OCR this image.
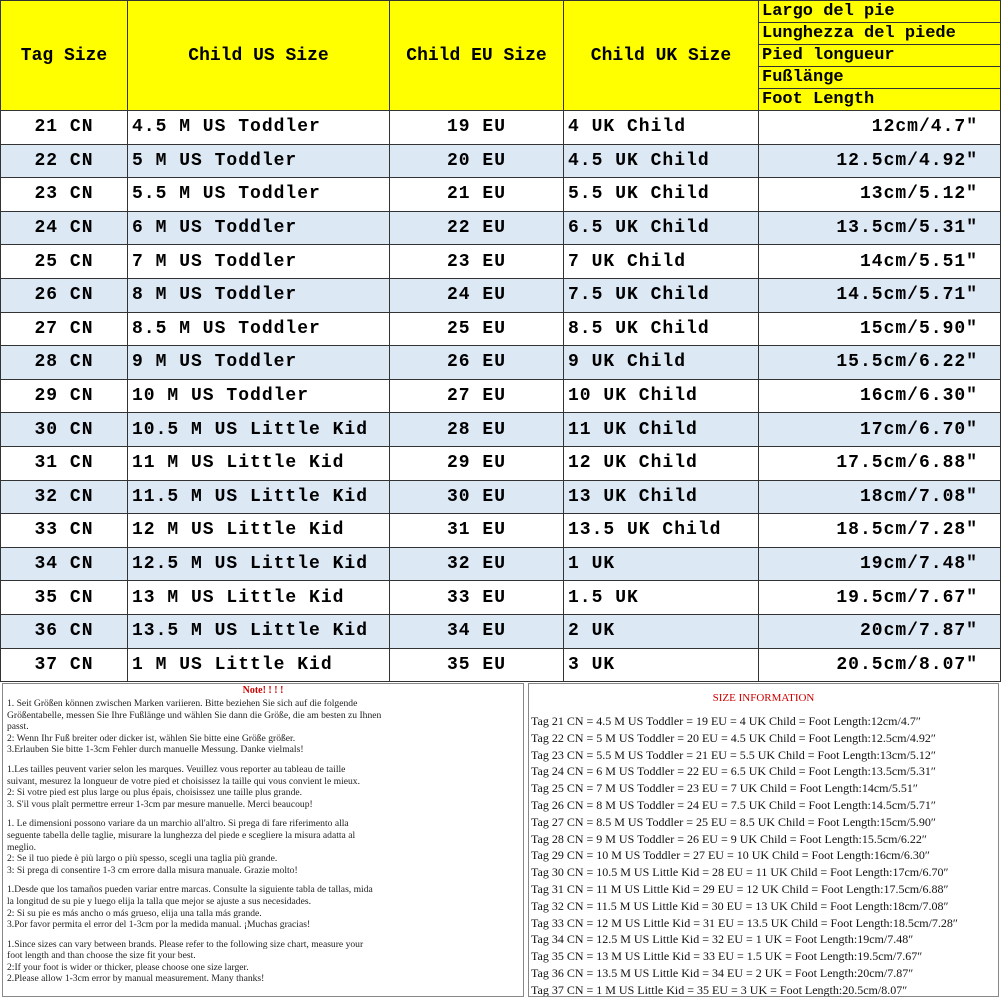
Tag Size	Child US Size	Child EU Size	Child UK Size	Largo del pie
Lunghezza del piede
Pied longueur
Fußlänge
Foot Length

21 CN	4.5 M US Toddler	19 EU	4 UK Child	12cm/4.7″
22 CN	5 M US Toddler	20 EU	4.5 UK Child	12.5cm/4.92″
23 CN	5.5 M US Toddler	21 EU	5.5 UK Child	13cm/5.12″
24 CN	6 M US Toddler	22 EU	6.5 UK Child	13.5cm/5.31″
25 CN	7 M US Toddler	23 EU	7 UK Child	14cm/5.51″
26 CN	8 M US Toddler	24 EU	7.5 UK Child	14.5cm/5.71″
27 CN	8.5 M US Toddler	25 EU	8.5 UK Child	15cm/5.90″
28 CN	9 M US Toddler	26 EU	9 UK Child	15.5cm/6.22″
29 CN	10 M US Toddler	27 EU	10 UK Child	16cm/6.30″
30 CN	10.5 M US Little Kid	28 EU	11 UK Child	17cm/6.70″
31 CN	11 M US Little Kid	29 EU	12 UK Child	17.5cm/6.88″
32 CN	11.5 M US Little Kid	30 EU	13 UK Child	18cm/7.08″
33 CN	12 M US Little Kid	31 EU	13.5 UK Child	18.5cm/7.28″
34 CN	12.5 M US Little Kid	32 EU	1 UK	19cm/7.48″
35 CN	13 M US Little Kid	33 EU	1.5 UK	19.5cm/7.67″
36 CN	13.5 M US Little Kid	34 EU	2 UK	20cm/7.87″
37 CN	1 M US Little Kid	35 EU	3 UK	20.5cm/8.07″
Note! ! ! !

1. Seit Größen können zwischen Marken variieren. Bitte beziehen Sie sich auf die folgende
Größentabelle, messen Sie Ihre Fußlänge und wählen Sie dann die Größe, die am besten zu Ihnen
passt.
2: Wenn Ihr Fuß breiter oder dicker ist, wählen Sie bitte eine Größe größer.
3.Erlauben Sie bitte 1-3cm Fehler durch manuelle Messung. Danke vielmals!

1.Les tailles peuvent varier selon les marques. Veuillez vous reporter au tableau de taille
suivant, mesurez la longueur de votre pied et choisissez la taille qui vous convient le mieux.
2: Si votre pied est plus large ou plus épais, choisissez une taille plus grande.
3. S'il vous plaît permettre erreur 1-3cm par mesure manuelle. Merci beaucoup!

1. Le dimensioni possono variare da un marchio all'altro. Si prega di fare riferimento alla
seguente tabella delle taglie, misurare la lunghezza del piede e scegliere la misura adatta al
meglio.
2: Se il tuo piede è più largo o più spesso, scegli una taglia più grande.
3: Si prega di consentire 1-3 cm errore dalla misura manuale. Grazie molto!

1.Desde que los tamaños pueden variar entre marcas. Consulte la siguiente tabla de tallas, mida
la longitud de su pie y luego elija la talla que mejor se ajuste a sus necesidades.
2: Si su pie es más ancho o más grueso, elija una talla más grande.
3.Por favor permita el error del 1-3cm por la medida manual. ¡Muchas gracias!

1.Since sizes can vary between brands. Please refer to the following size chart, measure your
foot length and than choose the size fit your best.
2:If your foot is wider or thicker, please choose one size larger.
2.Please allow 1-3cm error by manual measurement. Many thanks!

SIZE INFORMATION
Tag 21 CN = 4.5 M US Toddler = 19 EU = 4 UK Child = Foot Length:12cm/4.7″
Tag 22 CN = 5 M US Toddler = 20 EU = 4.5 UK Child = Foot Length:12.5cm/4.92″
Tag 23 CN = 5.5 M US Toddler = 21 EU = 5.5 UK Child = Foot Length:13cm/5.12″
Tag 24 CN = 6 M US Toddler = 22 EU = 6.5 UK Child = Foot Length:13.5cm/5.31″
Tag 25 CN = 7 M US Toddler = 23 EU = 7 UK Child = Foot Length:14cm/5.51″
Tag 26 CN = 8 M US Toddler = 24 EU = 7.5 UK Child = Foot Length:14.5cm/5.71″
Tag 27 CN = 8.5 M US Toddler = 25 EU = 8.5 UK Child = Foot Length:15cm/5.90″
Tag 28 CN = 9 M US Toddler = 26 EU = 9 UK Child = Foot Length:15.5cm/6.22″
Tag 29 CN = 10 M US Toddler = 27 EU = 10 UK Child = Foot Length:16cm/6.30″
Tag 30 CN = 10.5 M US Little Kid = 28 EU = 11 UK Child = Foot Length:17cm/6.70″
Tag 31 CN = 11 M US Little Kid = 29 EU = 12 UK Child = Foot Length:17.5cm/6.88″
Tag 32 CN = 11.5 M US Little Kid = 30 EU = 13 UK Child = Foot Length:18cm/7.08″
Tag 33 CN = 12 M US Little Kid = 31 EU = 13.5 UK Child = Foot Length:18.5cm/7.28″
Tag 34 CN = 12.5 M US Little Kid = 32 EU = 1 UK = Foot Length:19cm/7.48″
Tag 35 CN = 13 M US Little Kid = 33 EU = 1.5 UK = Foot Length:19.5cm/7.67″
Tag 36 CN = 13.5 M US Little Kid = 34 EU = 2 UK = Foot Length:20cm/7.87″
Tag 37 CN = 1 M US Little Kid = 35 EU = 3 UK = Foot Length:20.5cm/8.07″
